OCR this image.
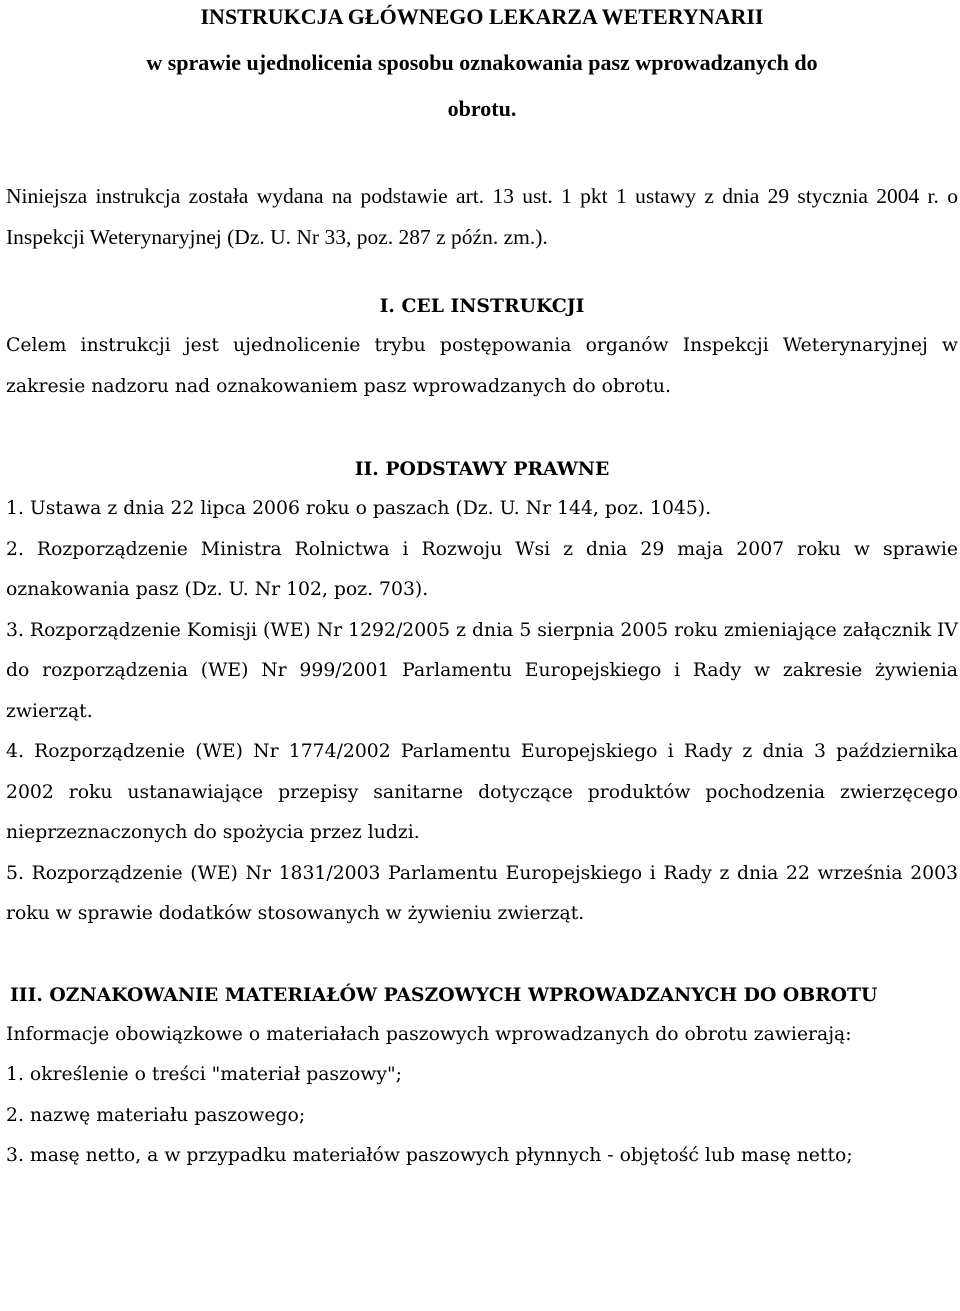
INSTRUKCJA GŁÓWNEGO LEKARZA WETERYNARII
w sprawie ujednolicenia sposobu oznakowania pasz wprowadzanych do
obrotu.
Niniejsza instrukcja została wydana na podstawie art. 13 ust. 1 pkt 1 ustawy z dnia 29 stycznia 2004 r. o Inspekcji Weterynaryjnej (Dz. U. Nr 33, poz. 287 z późn. zm.).
I. CEL INSTRUKCJI
Celem instrukcji jest ujednolicenie trybu postępowania organów Inspekcji Weterynaryjnej w zakresie nadzoru nad oznakowaniem pasz wprowadzanych do obrotu.
II. PODSTAWY PRAWNE
1. Ustawa z dnia 22 lipca 2006 roku o paszach (Dz. U. Nr 144, poz. 1045).
2. Rozporządzenie Ministra Rolnictwa i Rozwoju Wsi z dnia 29 maja 2007 roku w sprawie oznakowania pasz (Dz. U. Nr 102, poz. 703).
3. Rozporządzenie Komisji (WE) Nr 1292/2005 z dnia 5 sierpnia 2005 roku zmieniające załącznik IV do rozporządzenia (WE) Nr 999/2001 Parlamentu Europejskiego i Rady w zakresie żywienia zwierząt.
4. Rozporządzenie (WE) Nr 1774/2002 Parlamentu Europejskiego i Rady z dnia 3 października 2002 roku ustanawiające przepisy sanitarne dotyczące produktów pochodzenia zwierzęcego nieprzeznaczonych do spożycia przez ludzi.
5. Rozporządzenie (WE) Nr 1831/2003 Parlamentu Europejskiego i Rady z dnia 22 września 2003 roku w sprawie dodatków stosowanych w żywieniu zwierząt.
III. OZNAKOWANIE MATERIAŁÓW PASZOWYCH WPROWADZANYCH DO OBROTU
Informacje obowiązkowe o materiałach paszowych wprowadzanych do obrotu zawierają:
1. określenie o treści "materiał paszowy";
2. nazwę materiału paszowego;
3. masę netto, a w przypadku materiałów paszowych płynnych - objętość lub masę netto;
